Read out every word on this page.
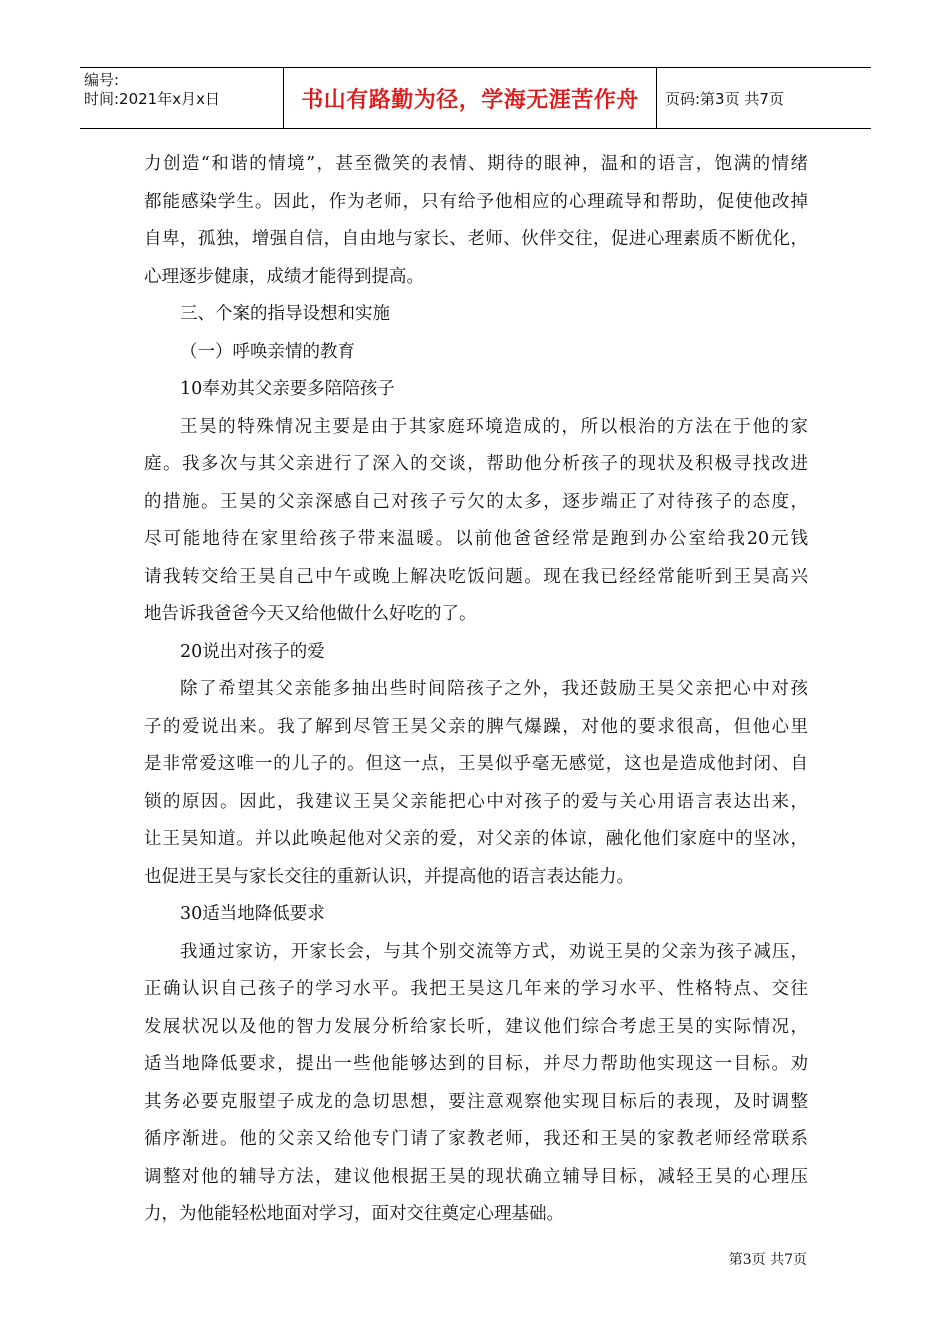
编号:
时间:2021年x月x日	书山有路勤为径，学海无涯苦作舟	页码:第3页 共7页
力创造“和谐的情境”，甚至微笑的表情、期待的眼神，温和的语言，饱满的情绪
都能感染学生。因此，作为老师，只有给予他相应的心理疏导和帮助，促使他改掉
自卑，孤独，增强自信，自由地与家长、老师、伙伴交往，促进心理素质不断优化，
心理逐步健康，成绩才能得到提高。
三、个案的指导设想和实施
（一）呼唤亲情的教育
10奉劝其父亲要多陪陪孩子
王昊的特殊情况主要是由于其家庭环境造成的，所以根治的方法在于他的家
庭。我多次与其父亲进行了深入的交谈，帮助他分析孩子的现状及积极寻找改进
的措施。王昊的父亲深感自己对孩子亏欠的太多，逐步端正了对待孩子的态度，
尽可能地待在家里给孩子带来温暖。以前他爸爸经常是跑到办公室给我20元钱
请我转交给王昊自己中午或晚上解决吃饭问题。现在我已经经常能听到王昊高兴
地告诉我爸爸今天又给他做什么好吃的了。
20说出对孩子的爱
除了希望其父亲能多抽出些时间陪孩子之外，我还鼓励王昊父亲把心中对孩
子的爱说出来。我了解到尽管王昊父亲的脾气爆躁，对他的要求很高，但他心里
是非常爱这唯一的儿子的。但这一点，王昊似乎毫无感觉，这也是造成他封闭、自
锁的原因。因此，我建议王昊父亲能把心中对孩子的爱与关心用语言表达出来，
让王昊知道。并以此唤起他对父亲的爱，对父亲的体谅，融化他们家庭中的坚冰，
也促进王昊与家长交往的重新认识，并提高他的语言表达能力。
30适当地降低要求
我通过家访，开家长会，与其个别交流等方式，劝说王昊的父亲为孩子减压，
正确认识自己孩子的学习水平。我把王昊这几年来的学习水平、性格特点、交往
发展状况以及他的智力发展分析给家长听，建议他们综合考虑王昊的实际情况，
适当地降低要求，提出一些他能够达到的目标，并尽力帮助他实现这一目标。劝
其务必要克服望子成龙的急切思想，要注意观察他实现目标后的表现，及时调整
循序渐进。他的父亲又给他专门请了家教老师，我还和王昊的家教老师经常联系
调整对他的辅导方法，建议他根据王昊的现状确立辅导目标，减轻王昊的心理压
力，为他能轻松地面对学习，面对交往奠定心理基础。
第3页 共7页
